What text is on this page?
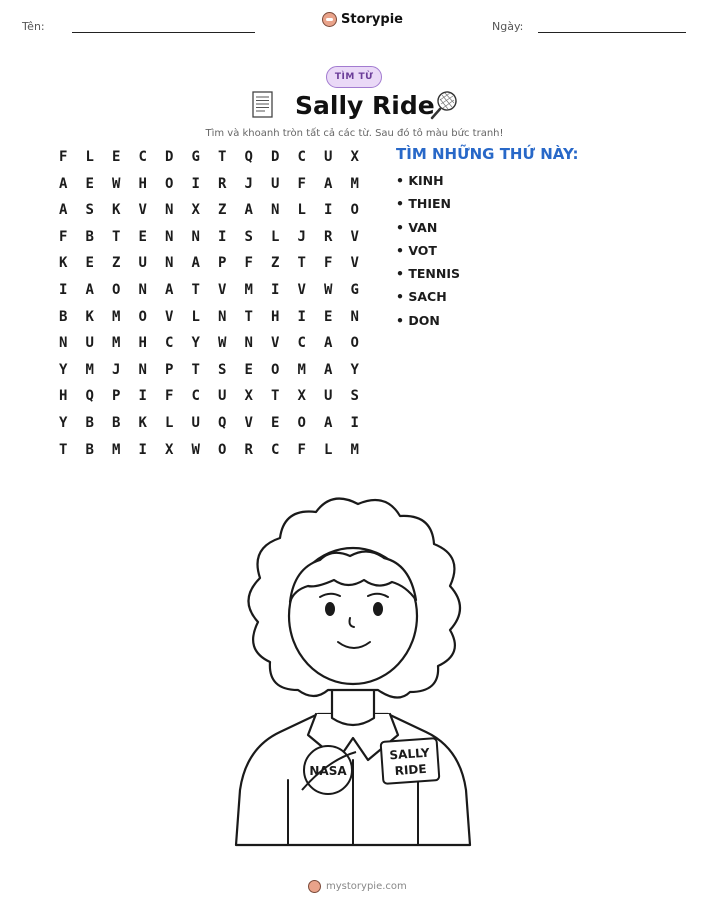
Tên:	Storypie	Ngày:
TÌM TỪ
Sally Ride
Tìm và khoanh tròn tất cả các từ. Sau đó tô màu bức tranh!
F	L	E	C	D	G	T	Q	D	C	U	X
A	E	W	H	O	I	R	J	U	F	A	M
A	S	K	V	N	X	Z	A	N	L	I	O
F	B	T	E	N	N	I	S	L	J	R	V
K	E	Z	U	N	A	P	F	Z	T	F	V
I	A	O	N	A	T	V	M	I	V	W	G
B	K	M	O	V	L	N	T	H	I	E	N
N	U	M	H	C	Y	W	N	V	C	A	O
Y	M	J	N	P	T	S	E	O	M	A	Y
H	Q	P	I	F	C	U	X	T	X	U	S
Y	B	B	K	L	U	Q	V	E	O	A	I
T	B	M	I	X	W	O	R	C	F	L	M
TÌM NHỮNG THỨ NÀY:
• KINH
• THIEN
• VAN
• VOT
• TENNIS
• SACH
• DON
NASA
SALLY
RIDE
mystorypie.com
